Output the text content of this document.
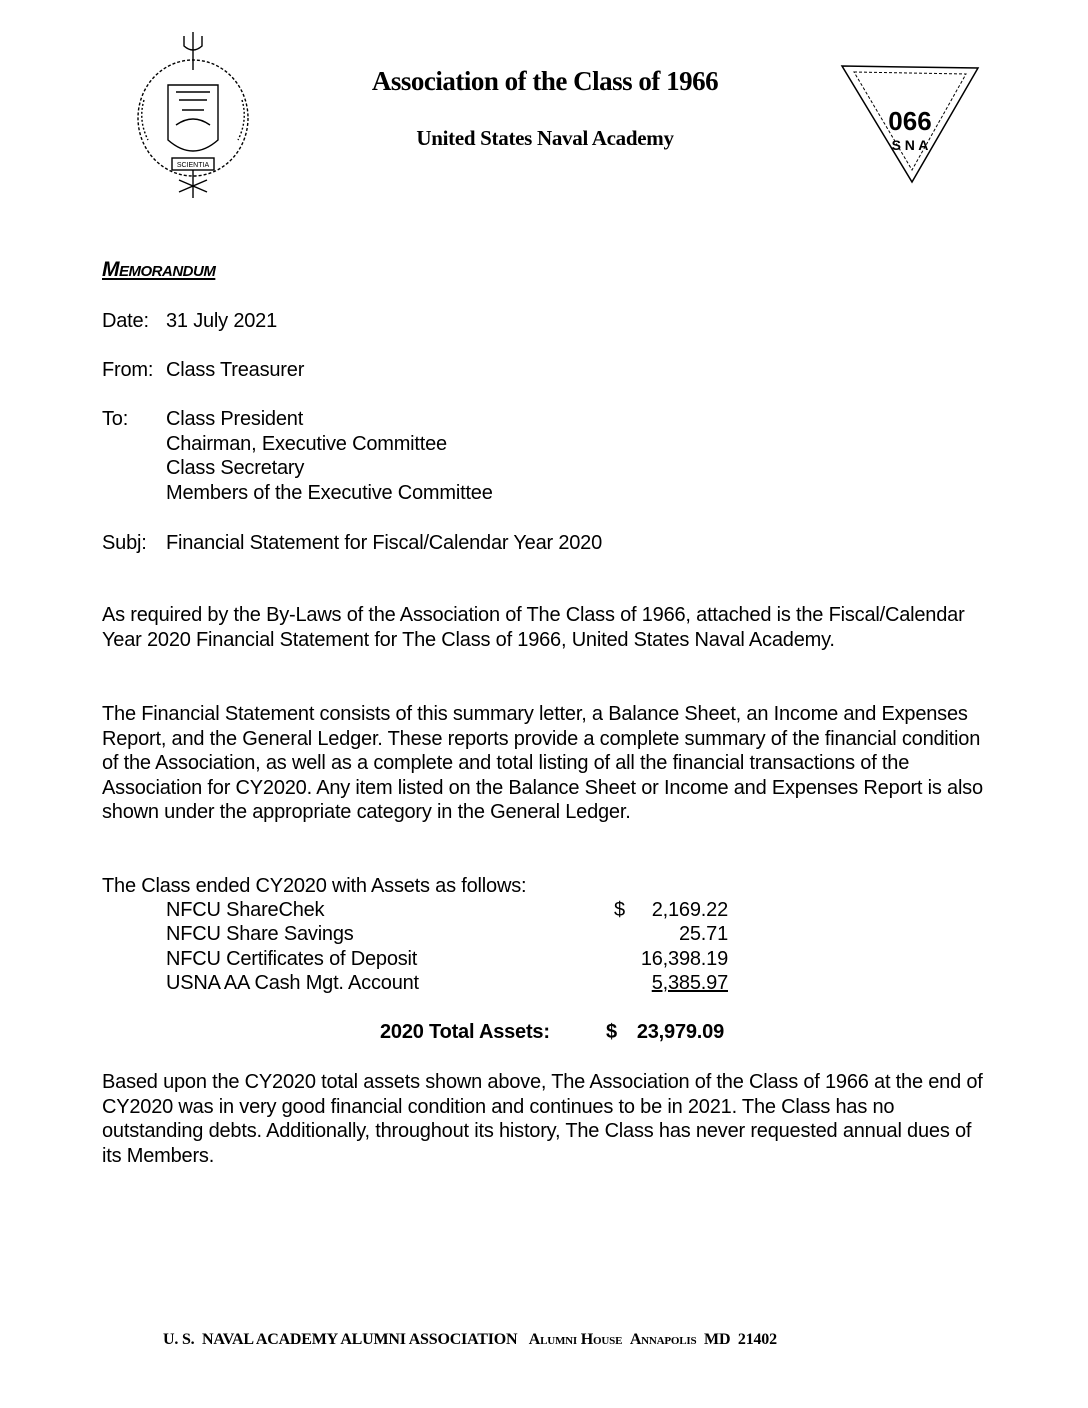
SCIENTIA
Association of the Class of 1966
United States Naval Academy
066
S N A
Memorandum
Date: 31 July 2021
From: Class Treasurer
To: Class President
Chairman, Executive Committee
Class Secretary
Members of the Executive Committee
Subj: Financial Statement for Fiscal/Calendar Year 2020
As required by the By-Laws of the Association of The Class of 1966, attached is the Fiscal/Calendar Year 2020 Financial Statement for The Class of 1966, United States Naval Academy.
The Financial Statement consists of this summary letter, a Balance Sheet, an Income and Expenses Report, and the General Ledger. These reports provide a complete summary of the financial condition of the Association, as well as a complete and total listing of all the financial transactions of the Association for CY2020. Any item listed on the Balance Sheet or Income and Expenses Report is also shown under the appropriate category in the General Ledger.
The Class ended CY2020 with Assets as follows:
NFCU ShareChek	$ 2,169.22
NFCU Share Savings	25.71
NFCU Certificates of Deposit	16,398.19
USNA AA Cash Mgt. Account	5,385.97
2020 Total Assets:	$ 23,979.09
Based upon the CY2020 total assets shown above, The Association of the Class of 1966 at the end of CY2020 was in very good financial condition and continues to be in 2021. The Class has no outstanding debts. Additionally, throughout its history, The Class has never requested annual dues of its Members.
U. S.  NAVAL ACADEMY ALUMNI ASSOCIATION Alumni House Annapolis MD  21402
